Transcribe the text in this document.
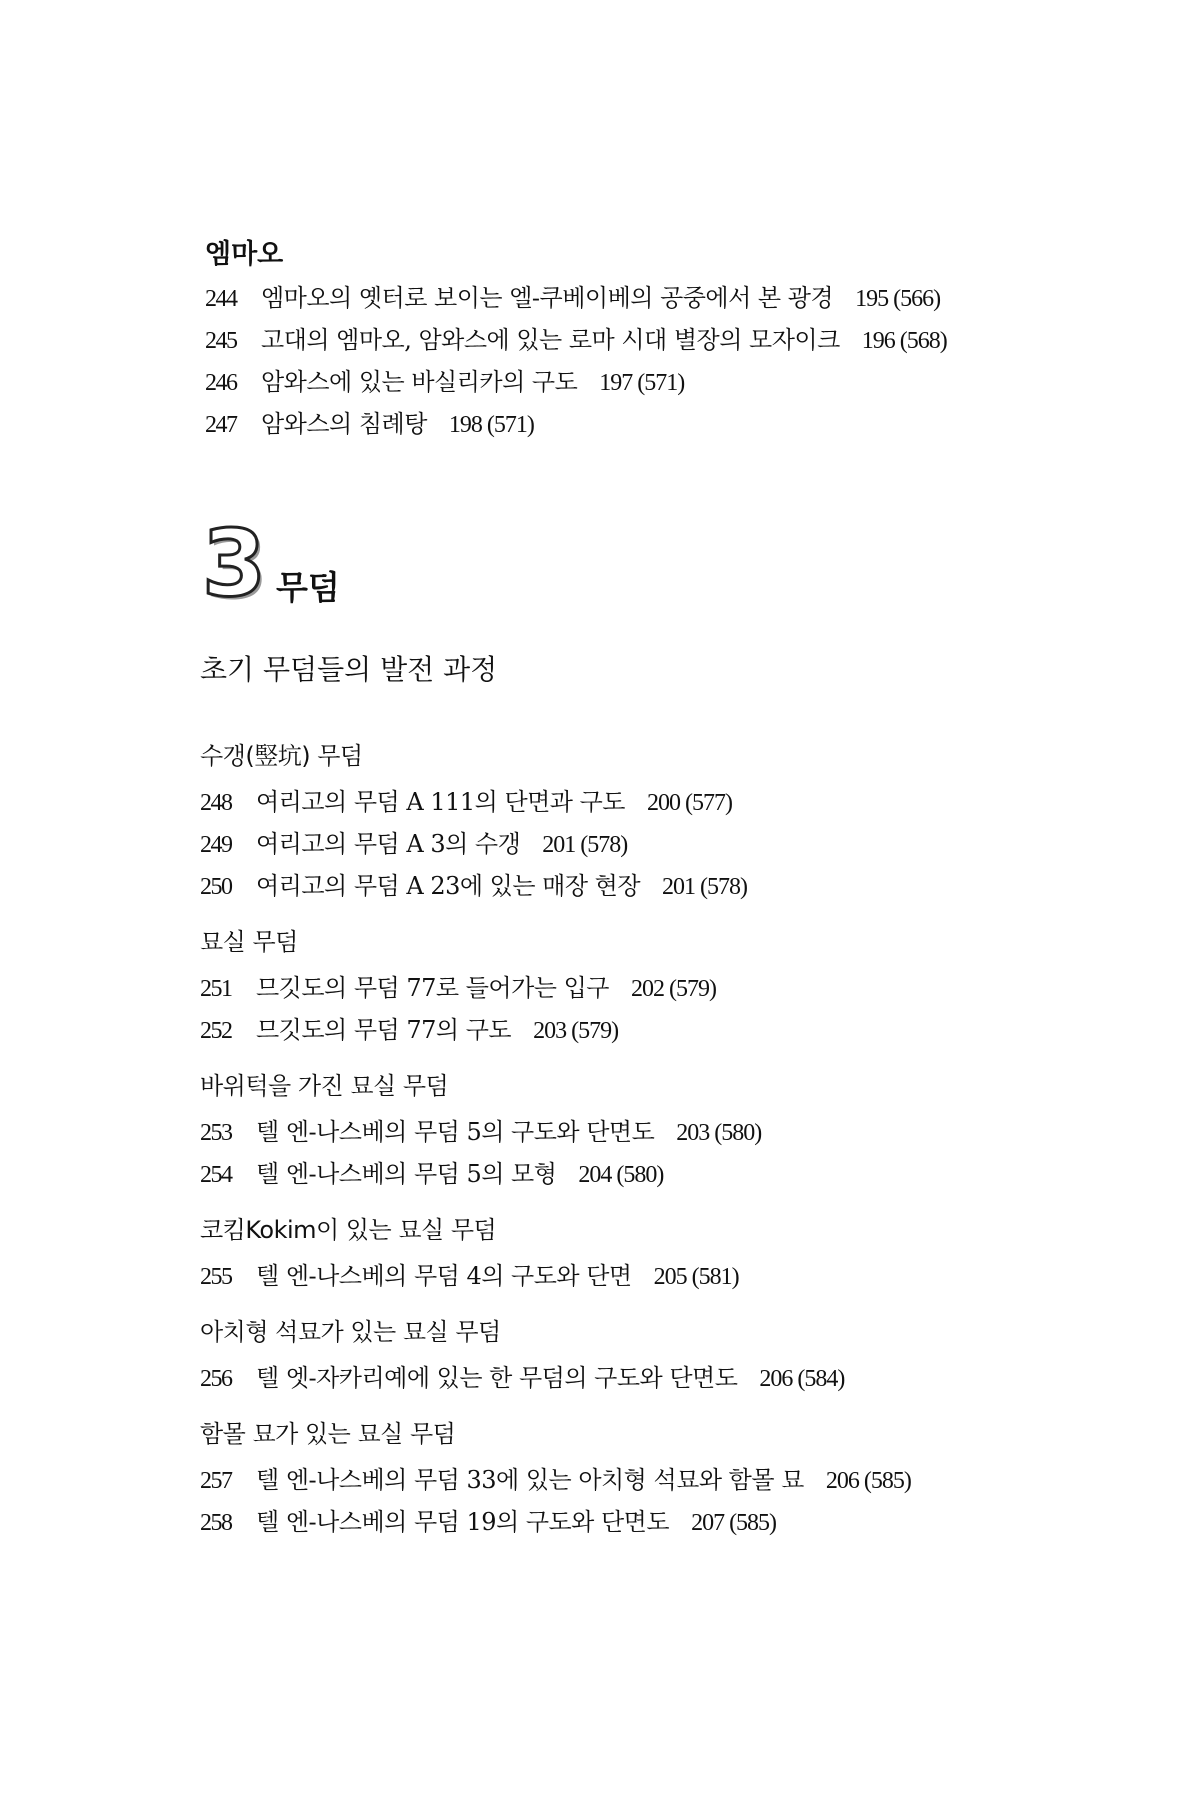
엠마오
244 엠마오의 옛터로 보이는 엘-쿠베이베의 공중에서 본 광경 195 (566)
245 고대의 엠마오, 암와스에 있는 로마 시대 별장의 모자이크 196 (568)
246 암와스에 있는 바실리카의 구도 197 (571)
247 암와스의 침례탕 198 (571)
3 무덤
초기 무덤들의 발전 과정
수갱(竪坑) 무덤
248 여리고의 무덤 A 111의 단면과 구도 200 (577)
249 여리고의 무덤 A 3의 수갱 201 (578)
250 여리고의 무덤 A 23에 있는 매장 현장 201 (578)
묘실 무덤
251 므깃도의 무덤 77로 들어가는 입구 202 (579)
252 므깃도의 무덤 77의 구도 203 (579)
바위턱을 가진 묘실 무덤
253 텔 엔-나스베의 무덤 5의 구도와 단면도 203 (580)
254 텔 엔-나스베의 무덤 5의 모형 204 (580)
코킴Kokim이 있는 묘실 무덤
255 텔 엔-나스베의 무덤 4의 구도와 단면 205 (581)
아치형 석묘가 있는 묘실 무덤
256 텔 엣-자카리예에 있는 한 무덤의 구도와 단면도 206 (584)
함몰 묘가 있는 묘실 무덤
257 텔 엔-나스베의 무덤 33에 있는 아치형 석묘와 함몰 묘 206 (585)
258 텔 엔-나스베의 무덤 19의 구도와 단면도 207 (585)
